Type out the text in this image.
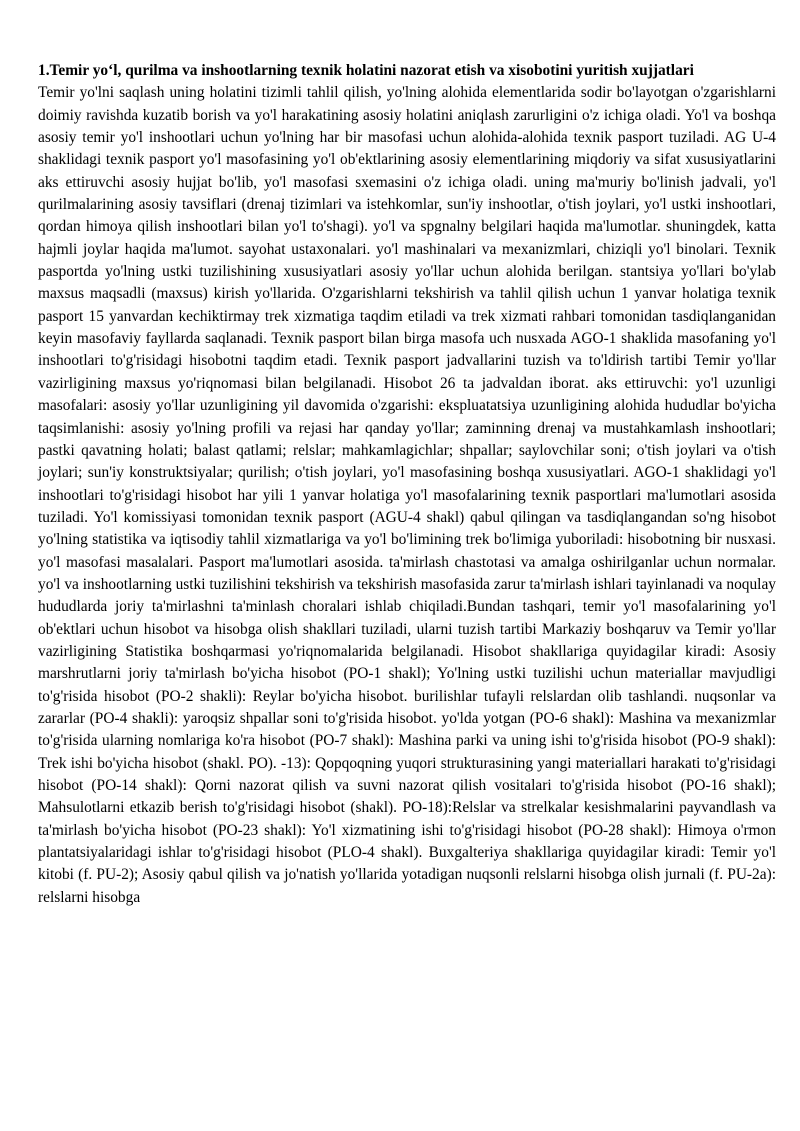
1.Temir yoʻl, qurilma va inshootlarning texnik holatini nazorat etish va xisobotini yuritish xujjatlari

Temir yo'lni saqlash uning holatini tizimli tahlil qilish, yo'lning alohida elementlarida sodir bo'layotgan o'zgarishlarni doimiy ravishda kuzatib borish va yo'l harakatining asosiy holatini aniqlash zarurligini o'z ichiga oladi. Yo'l va boshqa asosiy temir yo'l inshootlari uchun yo'lning har bir masofasi uchun alohida-alohida texnik pasport tuziladi. AG U-4 shaklidagi texnik pasport yo'l masofasining yo'l ob'ektlarining asosiy elementlarining miqdoriy va sifat xususiyatlarini aks ettiruvchi asosiy hujjat bo'lib, yo'l masofasi sxemasini o'z ichiga oladi. uning ma'muriy bo'linish jadvali, yo'l qurilmalarining asosiy tavsiflari (drenaj tizimlari va istehkomlar, sun'iy inshootlar, o'tish joylari, yo'l ustki inshootlari, qordan himoya qilish inshootlari bilan yo'l to'shagi). yo'l va spgnalny belgilari haqida ma'lumotlar. shuningdek, katta hajmli joylar haqida ma'lumot. sayohat ustaxonalari. yo'l mashinalari va mexanizmlari, chiziqli yo'l binolari. Texnik pasportda yo'lning ustki tuzilishining xususiyatlari asosiy yo'llar uchun alohida berilgan. stantsiya yo'llari bo'ylab maxsus maqsadli (maxsus) kirish yo'llarida. O'zgarishlarni tekshirish va tahlil qilish uchun 1 yanvar holatiga texnik pasport 15 yanvardan kechiktirmay trek xizmatiga taqdim etiladi va trek xizmati rahbari tomonidan tasdiqlanganidan keyin masofaviy fayllarda saqlanadi. Texnik pasport bilan birga masofa uch nusxada AGO-1 shaklida masofaning yo'l inshootlari to'g'risidagi hisobotni taqdim etadi. Texnik pasport jadvallarini tuzish va to'ldirish tartibi Temir yo'llar vazirligining maxsus yo'riqnomasi bilan belgilanadi. Hisobot 26 ta jadvaldan iborat. aks ettiruvchi: yo'l uzunligi masofalari: asosiy yo'llar uzunligining yil davomida o'zgarishi: ekspluatatsiya uzunligining alohida hududlar bo'yicha taqsimlanishi: asosiy yo'lning profili va rejasi har qanday yo'llar; zaminning drenaj va mustahkamlash inshootlari; pastki qavatning holati; balast qatlami; relslar; mahkamlagichlar; shpallar; saylovchilar soni; o'tish joylari va o'tish joylari; sun'iy konstruktsiyalar; qurilish; o'tish joylari, yo'l masofasining boshqa xususiyatlari. AGO-1 shaklidagi yo'l inshootlari to'g'risidagi hisobot har yili 1 yanvar holatiga yo'l masofalarining texnik pasportlari ma'lumotlari asosida tuziladi. Yo'l komissiyasi tomonidan texnik pasport (AGU-4 shakl) qabul qilingan va tasdiqlangandan so'ng hisobot yo'lning statistika va iqtisodiy tahlil xizmatlariga va yo'l bo'limining trek bo'limiga yuboriladi: hisobotning bir nusxasi. yo'l masofasi masalalari. Pasport ma'lumotlari asosida. ta'mirlash chastotasi va amalga oshirilganlar uchun normalar. yo'l va inshootlarning ustki tuzilishini tekshirish va tekshirish masofasida zarur ta'mirlash ishlari tayinlanadi va noqulay hududlarda joriy ta'mirlashni ta'minlash choralari ishlab chiqiladi.Bundan tashqari, temir yo'l masofalarining yo'l ob'ektlari uchun hisobot va hisobga olish shakllari tuziladi, ularni tuzish tartibi Markaziy boshqaruv va Temir yo'llar vazirligining Statistika boshqarmasi yo'riqnomalarida belgilanadi. Hisobot shakllariga quyidagilar kiradi: Asosiy marshrutlarni joriy ta'mirlash bo'yicha hisobot (PO-1 shakl); Yo'lning ustki tuzilishi uchun materiallar mavjudligi to'g'risida hisobot (PO-2 shakli): Reylar bo'yicha hisobot. burilishlar tufayli relslardan olib tashlandi. nuqsonlar va zararlar (PO-4 shakli): yaroqsiz shpallar soni to'g'risida hisobot. yo'lda yotgan (PO-6 shakl): Mashina va mexanizmlar to'g'risida ularning nomlariga ko'ra hisobot (PO-7 shakl): Mashina parki va uning ishi to'g'risida hisobot (PO-9 shakl): Trek ishi bo'yicha hisobot (shakl. PO). -13): Qopqoqning yuqori strukturasining yangi materiallari harakati to'g'risidagi hisobot (PO-14 shakl): Qorni nazorat qilish va suvni nazorat qilish vositalari to'g'risida hisobot (PO-16 shakl); Mahsulotlarni etkazib berish to'g'risidagi hisobot (shakl). PO-18):Relslar va strelkalar kesishmalarini payvandlash va ta'mirlash bo'yicha hisobot (PO-23 shakl): Yo'l xizmatining ishi to'g'risidagi hisobot (PO-28 shakl): Himoya o'rmon plantatsiyalaridagi ishlar to'g'risidagi hisobot (PLO-4 shakl). Buxgalteriya shakllariga quyidagilar kiradi: Temir yo'l kitobi (f. PU-2); Asosiy qabul qilish va jo'natish yo'llarida yotadigan nuqsonli relslarni hisobga olish jurnali (f. PU-2a): relslarni hisobga
